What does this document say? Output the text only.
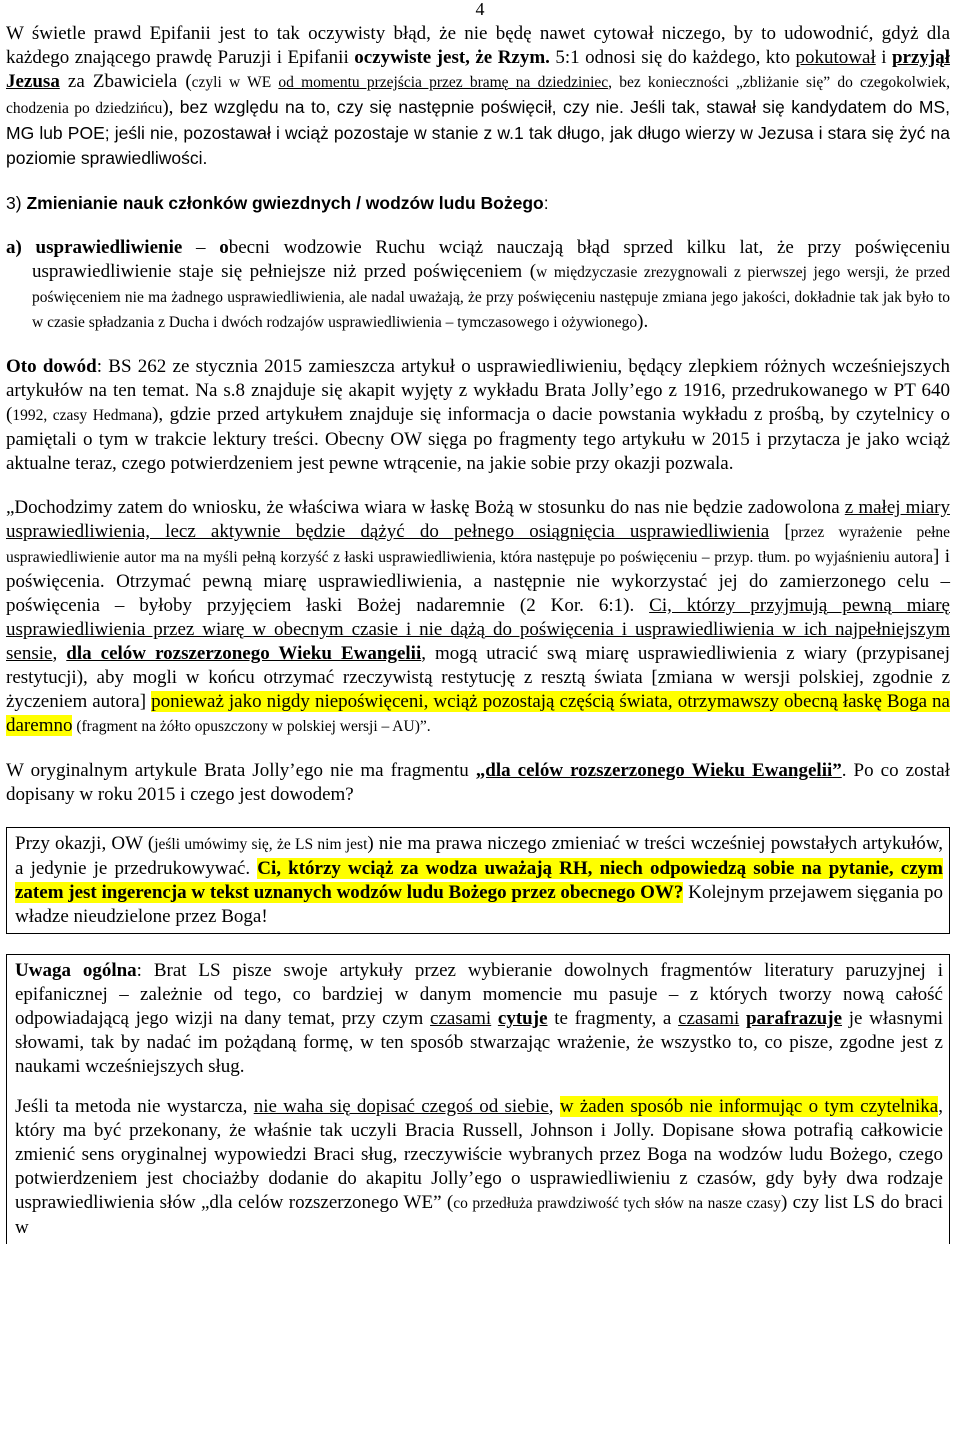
4

W świetle prawd Epifanii jest to tak oczywisty błąd, że nie będę nawet cytował niczego, by to udowodnić, gdyż dla każdego znającego prawdę Paruzji i Epifanii oczywiste jest, że Rzym. 5:1 odnosi się do każdego, kto pokutował i przyjął Jezusa za Zbawiciela (czyli w WE od momentu przejścia przez bramę na dziedziniec, bez konieczności „zbliżanie się” do czegokolwiek, chodzenia po dziedzińcu), bez względu na to, czy się następnie poświęcił, czy nie. Jeśli tak, stawał się kandydatem do MS, MG lub POE; jeśli nie, pozostawał i wciąż pozostaje w stanie z w.1 tak długo, jak długo wierzy w Jezusa i stara się żyć na poziomie sprawiedliwości.

3) Zmienianie nauk członków gwiezdnych / wodzów ludu Bożego:

a) usprawiedliwienie – obecni wodzowie Ruchu wciąż nauczają błąd sprzed kilku lat, że przy poświęceniu usprawiedliwienie staje się pełniejsze niż przed poświęceniem (w międzyczasie zrezygnowali z pierwszej jego wersji, że przed poświęceniem nie ma żadnego usprawiedliwienia, ale nadal uważają, że przy poświęceniu następuje zmiana jego jakości, dokładnie tak jak było to w czasie spładzania z Ducha i dwóch rodzajów usprawiedliwienia – tymczasowego i ożywionego).

Oto dowód: BS 262 ze stycznia 2015 zamieszcza artykuł o usprawiedliwieniu, będący zlepkiem różnych wcześniejszych artykułów na ten temat. Na s.8 znajduje się akapit wyjęty z wykładu Brata Jolly’ego z 1916, przedrukowanego w PT 640 (1992, czasy Hedmana), gdzie przed artykułem znajduje się informacja o dacie powstania wykładu z prośbą, by czytelnicy o pamiętali o tym w trakcie lektury treści. Obecny OW sięga po fragmenty tego artykułu w 2015 i przytacza je jako wciąż aktualne teraz, czego potwierdzeniem jest pewne wtrącenie, na jakie sobie przy okazji pozwala.

„Dochodzimy zatem do wniosku, że właściwa wiara w łaskę Bożą w stosunku do nas nie będzie zadowolona z małej miary usprawiedliwienia, lecz aktywnie będzie dążyć do pełnego osiągnięcia usprawiedliwienia [przez wyrażenie pełne usprawiedliwienie autor ma na myśli pełną korzyść z łaski usprawiedliwienia, która następuje po poświęceniu – przyp. tłum. po wyjaśnieniu autora] i poświęcenia. Otrzymać pewną miarę usprawiedliwienia, a następnie nie wykorzystać jej do zamierzonego celu – poświęcenia – byłoby przyjęciem łaski Bożej nadaremnie (2 Kor. 6:1). Ci, którzy przyjmują pewną miarę usprawiedliwienia przez wiarę w obecnym czasie i nie dążą do poświęcenia i usprawiedliwienia w ich najpełniejszym sensie, dla celów rozszerzonego Wieku Ewangelii, mogą utracić swą miarę usprawiedliwienia z wiary (przypisanej restytucji), aby mogli w końcu otrzymać rzeczywistą restytucję z resztą świata [zmiana w wersji polskiej, zgodnie z życzeniem autora] ponieważ jako nigdy niepoświęceni, wciąż pozostają częścią świata, otrzymawszy obecną łaskę Boga na daremno (fragment na żółto opuszczony w polskiej wersji – AU)”.

W oryginalnym artykule Brata Jolly’ego nie ma fragmentu „dla celów rozszerzonego Wieku Ewangelii”. Po co został dopisany w roku 2015 i czego jest dowodem?

Przy okazji, OW (jeśli umówimy się, że LS nim jest) nie ma prawa niczego zmieniać w treści wcześniej powstałych artykułów, a jedynie je przedrukowywać. Ci, którzy wciąż za wodza uważają RH, niech odpowiedzą sobie na pytanie, czym zatem jest ingerencja w tekst uznanych wodzów ludu Bożego przez obecnego OW? Kolejnym przejawem sięgania po władze nieudzielone przez Boga!

Uwaga ogólna: Brat LS pisze swoje artykuły przez wybieranie dowolnych fragmentów literatury paruzyjnej i epifanicznej – zależnie od tego, co bardziej w danym momencie mu pasuje – z których tworzy nową całość odpowiadającą jego wizji na dany temat, przy czym czasami cytuje te fragmenty, a czasami parafrazuje je własnymi słowami, tak by nadać im pożądaną formę, w ten sposób stwarzając wrażenie, że wszystko to, co pisze, zgodne jest z naukami wcześniejszych sług.

Jeśli ta metoda nie wystarcza, nie waha się dopisać czegoś od siebie, w żaden sposób nie informując o tym czytelnika, który ma być przekonany, że właśnie tak uczyli Bracia Russell, Johnson i Jolly. Dopisane słowa potrafią całkowicie zmienić sens oryginalnej wypowiedzi Braci sług, rzeczywiście wybranych przez Boga na wodzów ludu Bożego, czego potwierdzeniem jest chociażby dodanie do akapitu Jolly’ego o usprawiedliwieniu z czasów, gdy były dwa rodzaje usprawiedliwienia słów „dla celów rozszerzonego WE” (co przedłuża prawdziwość tych słów na nasze czasy) czy list LS do braci w
